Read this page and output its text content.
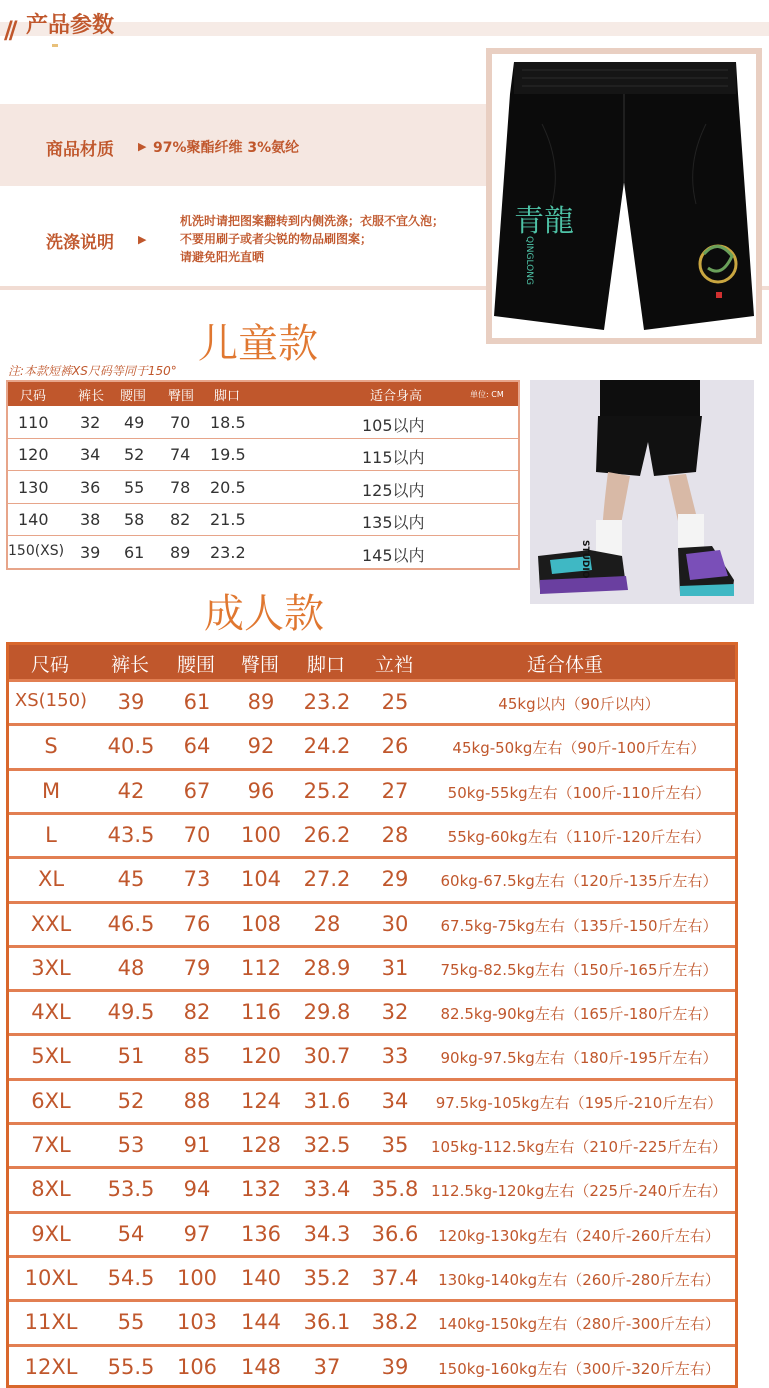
// 产品参数
商品材质 ▶ 97%聚酯纤维 3%氨纶
洗涤说明 ▶
机洗时请把图案翻转到内侧洗涤；衣服不宜久泡；
不要用刷子或者尖锐的物品刷图案；
请避免阳光直晒
青龍
QINGLONG
儿童款
注:本款短裤XS尺码等同于150°
尺码 裤长 腰围 臀围 脚口	适合身高	单位: CM
110 32 49 70 18.5	105以内
120 34 52 74 19.5	115以内
130 36 55 78 20.5	125以内
140 38 58 82 21.5	135以内
150(XS) 39 61 89 23.2	145以内	STUDIO
成人款
尺码 裤长 腰围 臀围 脚口 立裆	适合体重
XS(150)	39	61	89	23.2	25	45kg以内（90斤以内）
S	40.5	64	92	24.2	26	45kg-50kg左右（90斤-100斤左右）
M	42	67	96	25.2	27	50kg-55kg左右（100斤-110斤左右）
L	43.5	70	100	26.2	28	55kg-60kg左右（110斤-120斤左右）
XL	45	73	104	27.2	29	60kg-67.5kg左右（120斤-135斤左右）
XXL	46.5	76	108	28	30	67.5kg-75kg左右（135斤-150斤左右）
3XL	48	79	112	28.9	31	75kg-82.5kg左右（150斤-165斤左右）
4XL	49.5	82	116	29.8	32	82.5kg-90kg左右（165斤-180斤左右）
5XL	51	85	120	30.7	33	90kg-97.5kg左右（180斤-195斤左右）
6XL	52	88	124	31.6	34	97.5kg-105kg左右（195斤-210斤左右）
7XL	53	91	128	32.5	35	105kg-112.5kg左右（210斤-225斤左右）
8XL	53.5	94	132	33.4	35.8 112.5kg-120kg左右（225斤-240斤左右）
9XL	54	97	136	34.3	36.6	120kg-130kg左右（240斤-260斤左右）
10XL	54.5	100	140	35.2	37.4	130kg-140kg左右（260斤-280斤左右）
11XL	55	103	144	36.1	38.2	140kg-150kg左右（280斤-300斤左右）
12XL	55.5	106	148	37	39	150kg-160kg左右（300斤-320斤左右）
